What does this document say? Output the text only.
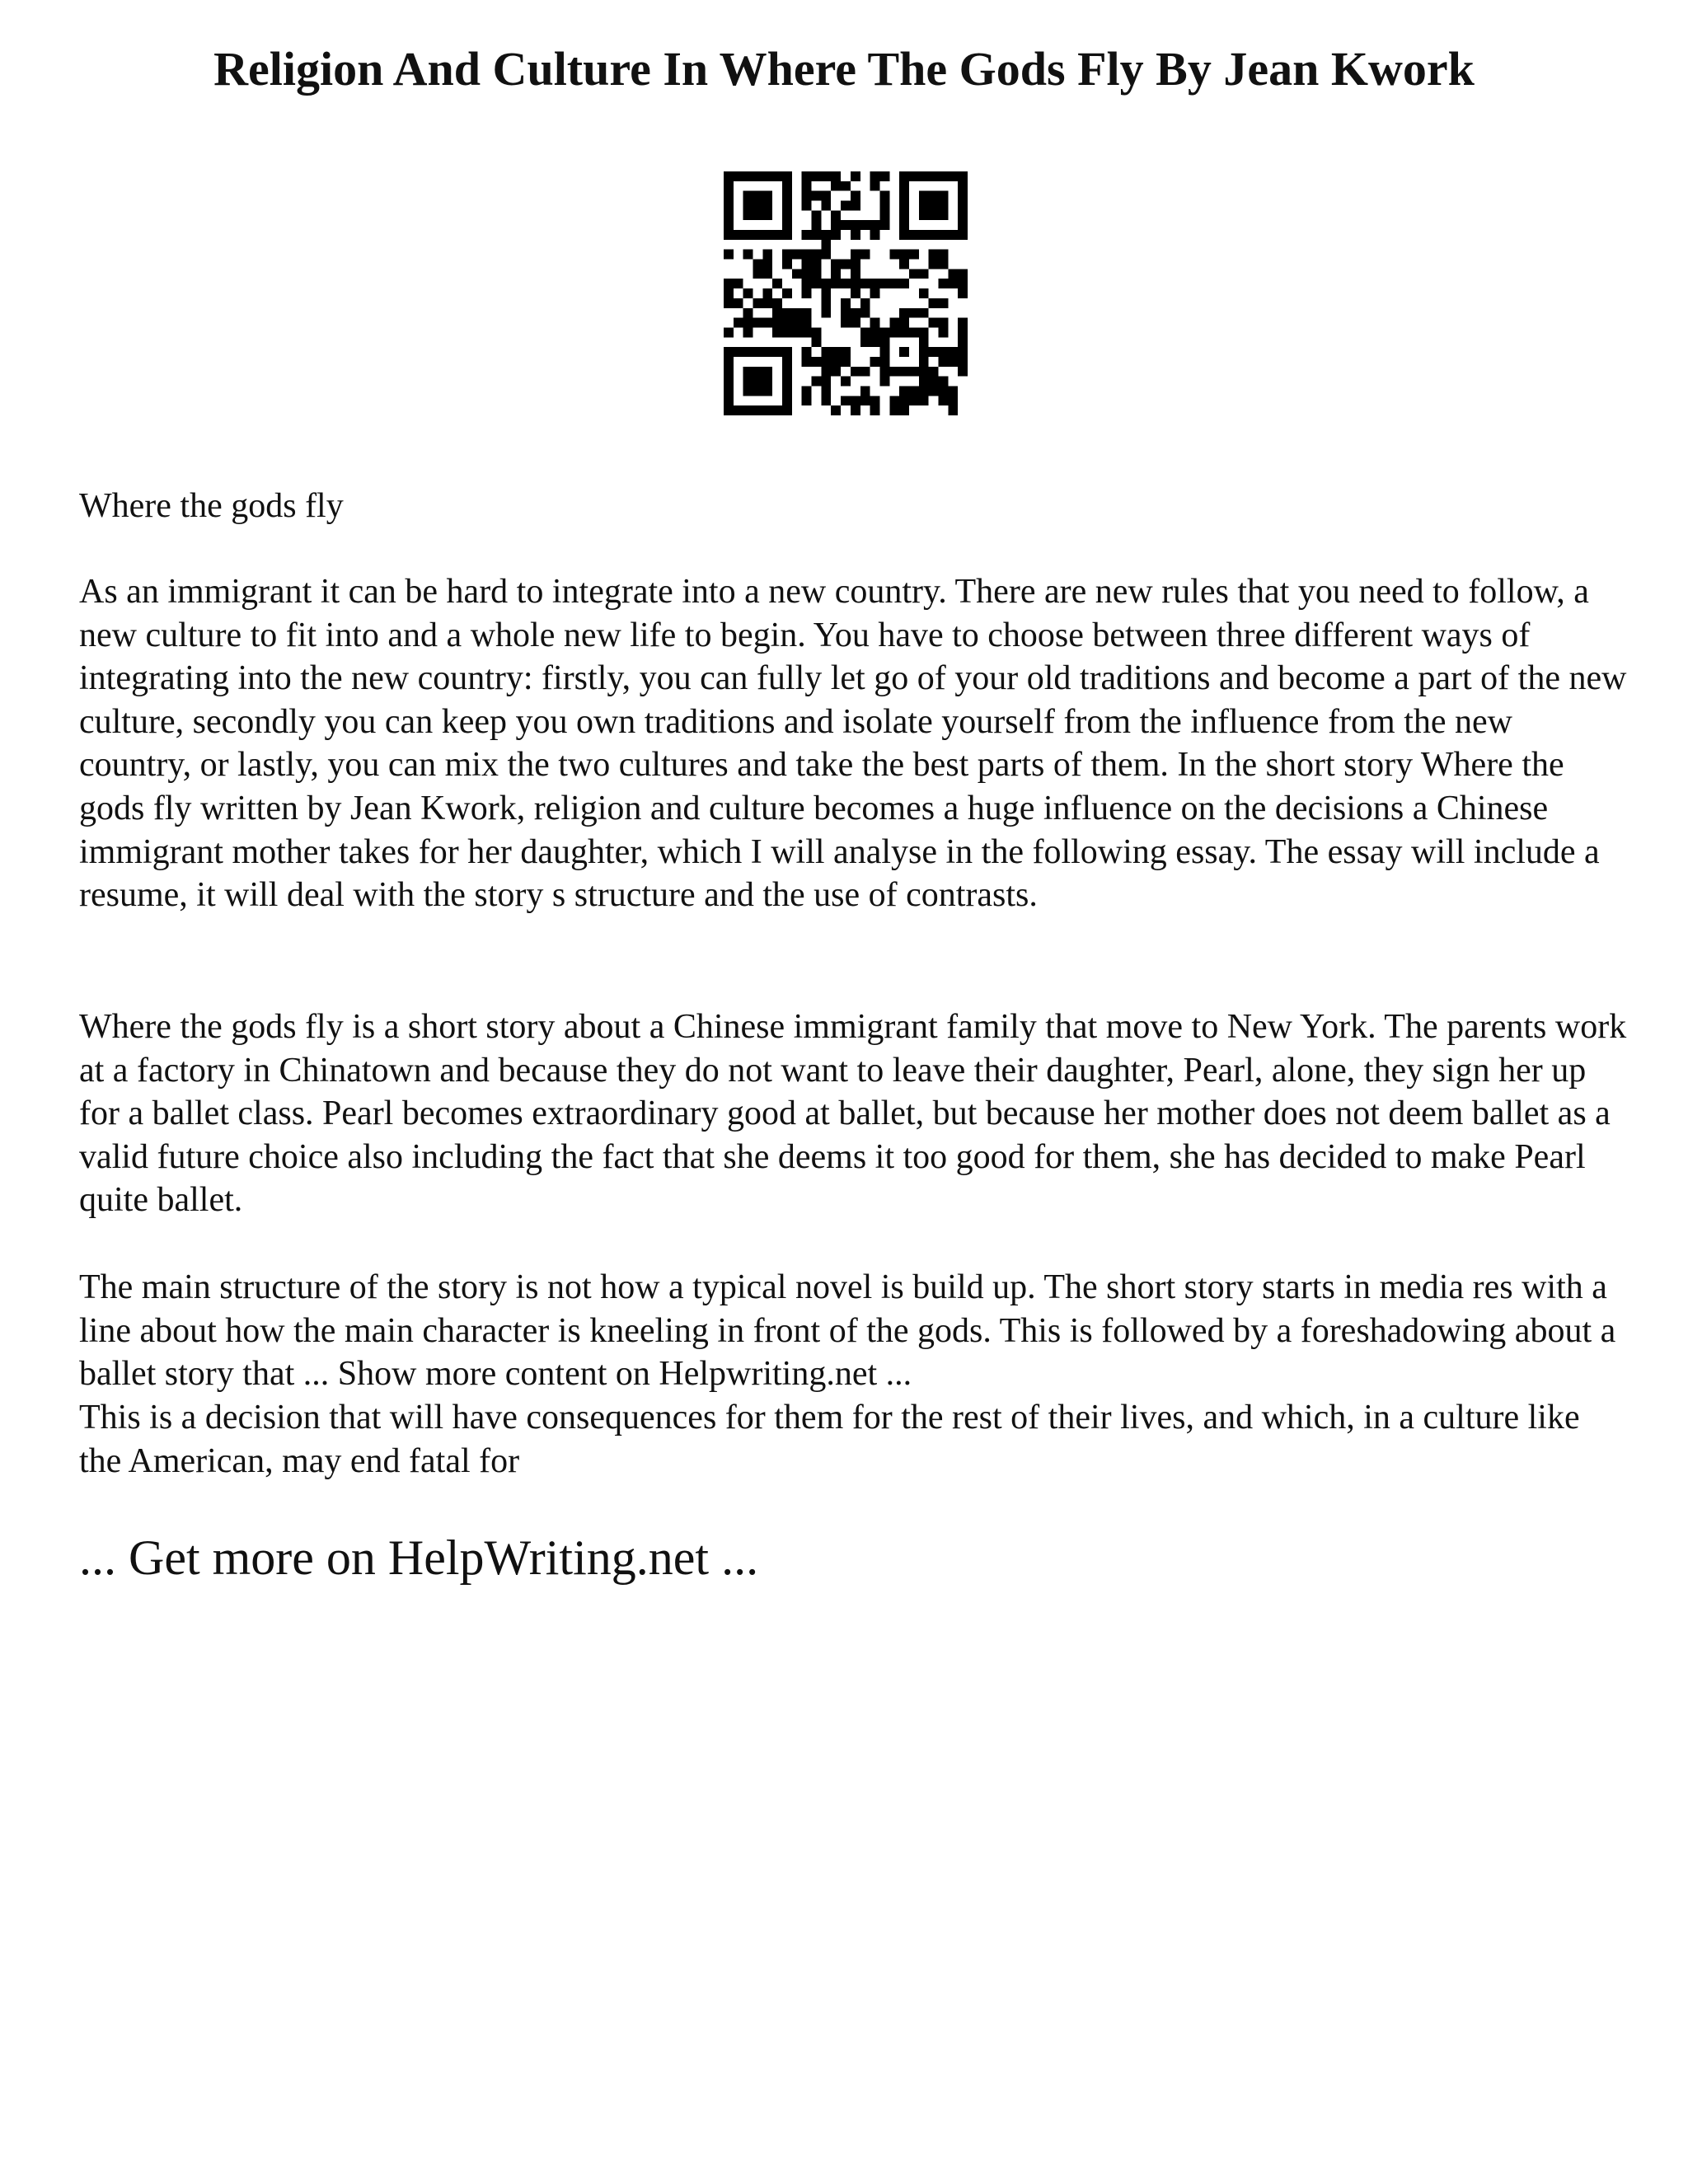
Religion And Culture In Where The Gods Fly By Jean Kwork

Where the gods fly

As an immigrant it can be hard to integrate into a new country. There are new rules that you need to follow, a new culture to fit into and a whole new life to begin. You have to choose between three different ways of integrating into the new country: firstly, you can fully let go of your old traditions and become a part of the new culture, secondly you can keep you own traditions and isolate yourself from the influence from the new country, or lastly, you can mix the two cultures and take the best parts of them. In the short story Where the gods fly written by Jean Kwork, religion and culture becomes a huge influence on the decisions a Chinese immigrant mother takes for her daughter, which I will analyse in the following essay. The essay will include a resume, it will deal with the story s structure and the use of contrasts.

Where the gods fly is a short story about a Chinese immigrant family that move to New York. The parents work at a factory in Chinatown and because they do not want to leave their daughter, Pearl, alone, they sign her up for a ballet class. Pearl becomes extraordinary good at ballet, but because her mother does not deem ballet as a valid future choice also including the fact that she deems it too good for them, she has decided to make Pearl quite ballet.

The main structure of the story is not how a typical novel is build up. The short story starts in media res with a line about how the main character is kneeling in front of the gods. This is followed by a foreshadowing about a ballet story that ... Show more content on Helpwriting.net ...

This is a decision that will have consequences for them for the rest of their lives, and which, in a culture like the American, may end fatal for

... Get more on HelpWriting.net ...
